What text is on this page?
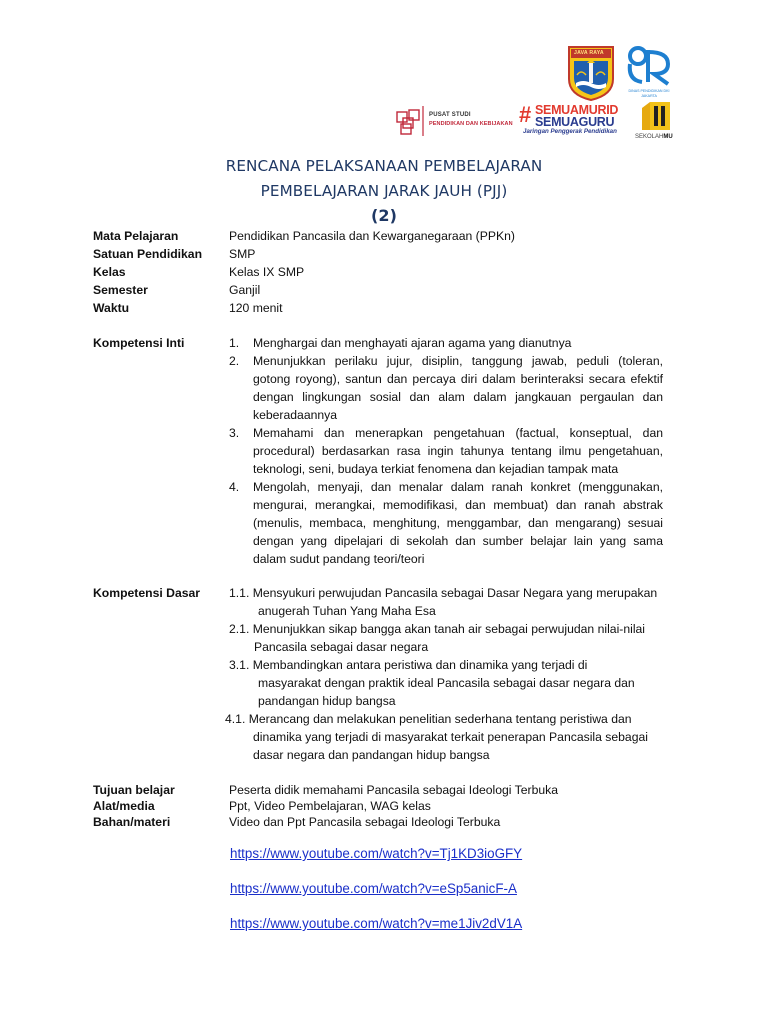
JAVA RAYA
DINAS PENDIDIKAN DKI JAKARTA
PUSAT STUDI
PENDIDIKAN DAN KEBIJAKAN # SEMUAMURID
SEMUAGURU
Jaringan Penggerak Pendidikan
SEKOLAHMU
RENCANA PELAKSANAAN PEMBELAJARAN
PEMBELAJARAN JARAK JAUH (PJJ)
(2)
Mata Pelajaran	Pendidikan Pancasila dan Kewarganegaraan (PPKn)
Satuan Pendidikan SMP
Kelas	Kelas IX SMP
Semester	Ganjil
Waktu	120 menit
Kompetensi Inti	1. Menghargai dan menghayati ajaran agama yang dianutnya
2. Menunjukkan perilaku jujur, disiplin, tanggung jawab, peduli (toleran,
gotong royong), santun dan percaya diri dalam berinteraksi secara efektif
dengan lingkungan sosial dan alam dalam jangkauan pergaulan dan
keberadaannya
3. Memahami dan menerapkan pengetahuan (factual, konseptual, dan
procedural) berdasarkan rasa ingin tahunya tentang ilmu pengetahuan,
teknologi, seni, budaya terkiat fenomena dan kejadian tampak mata
4. Mengolah, menyaji, dan menalar dalam ranah konkret (menggunakan,
mengurai, merangkai, memodifikasi, dan membuat) dan ranah abstrak
(menulis, membaca, menghitung, menggambar, dan mengarang) sesuai
dengan yang dipelajari di sekolah dan sumber belajar lain yang sama
dalam sudut pandang teori/teori
Kompetensi Dasar 1.1. Mensyukuri perwujudan Pancasila sebagai Dasar Negara yang merupakan
anugerah Tuhan Yang Maha Esa
2.1. Menunjukkan sikap bangga akan tanah air sebagai perwujudan nilai-nilai
Pancasila sebagai dasar negara
3.1. Membandingkan antara peristiwa dan dinamika yang terjadi di
masyarakat dengan praktik ideal Pancasila sebagai dasar negara dan
pandangan hidup bangsa
4.1. Merancang dan melakukan penelitian sederhana tentang peristiwa dan
dinamika yang terjadi di masyarakat terkait penerapan Pancasila sebagai
dasar negara dan pandangan hidup bangsa
Tujuan belajar	Peserta didik memahami Pancasila sebagai Ideologi Terbuka
Alat/media	Ppt, Video Pembelajaran, WAG kelas
Bahan/materi	Video dan Ppt Pancasila sebagai Ideologi Terbuka
https://www.youtube.com/watch?v=Tj1KD3ioGFY
https://www.youtube.com/watch?v=eSp5anicF-A
https://www.youtube.com/watch?v=me1Jiv2dV1A
